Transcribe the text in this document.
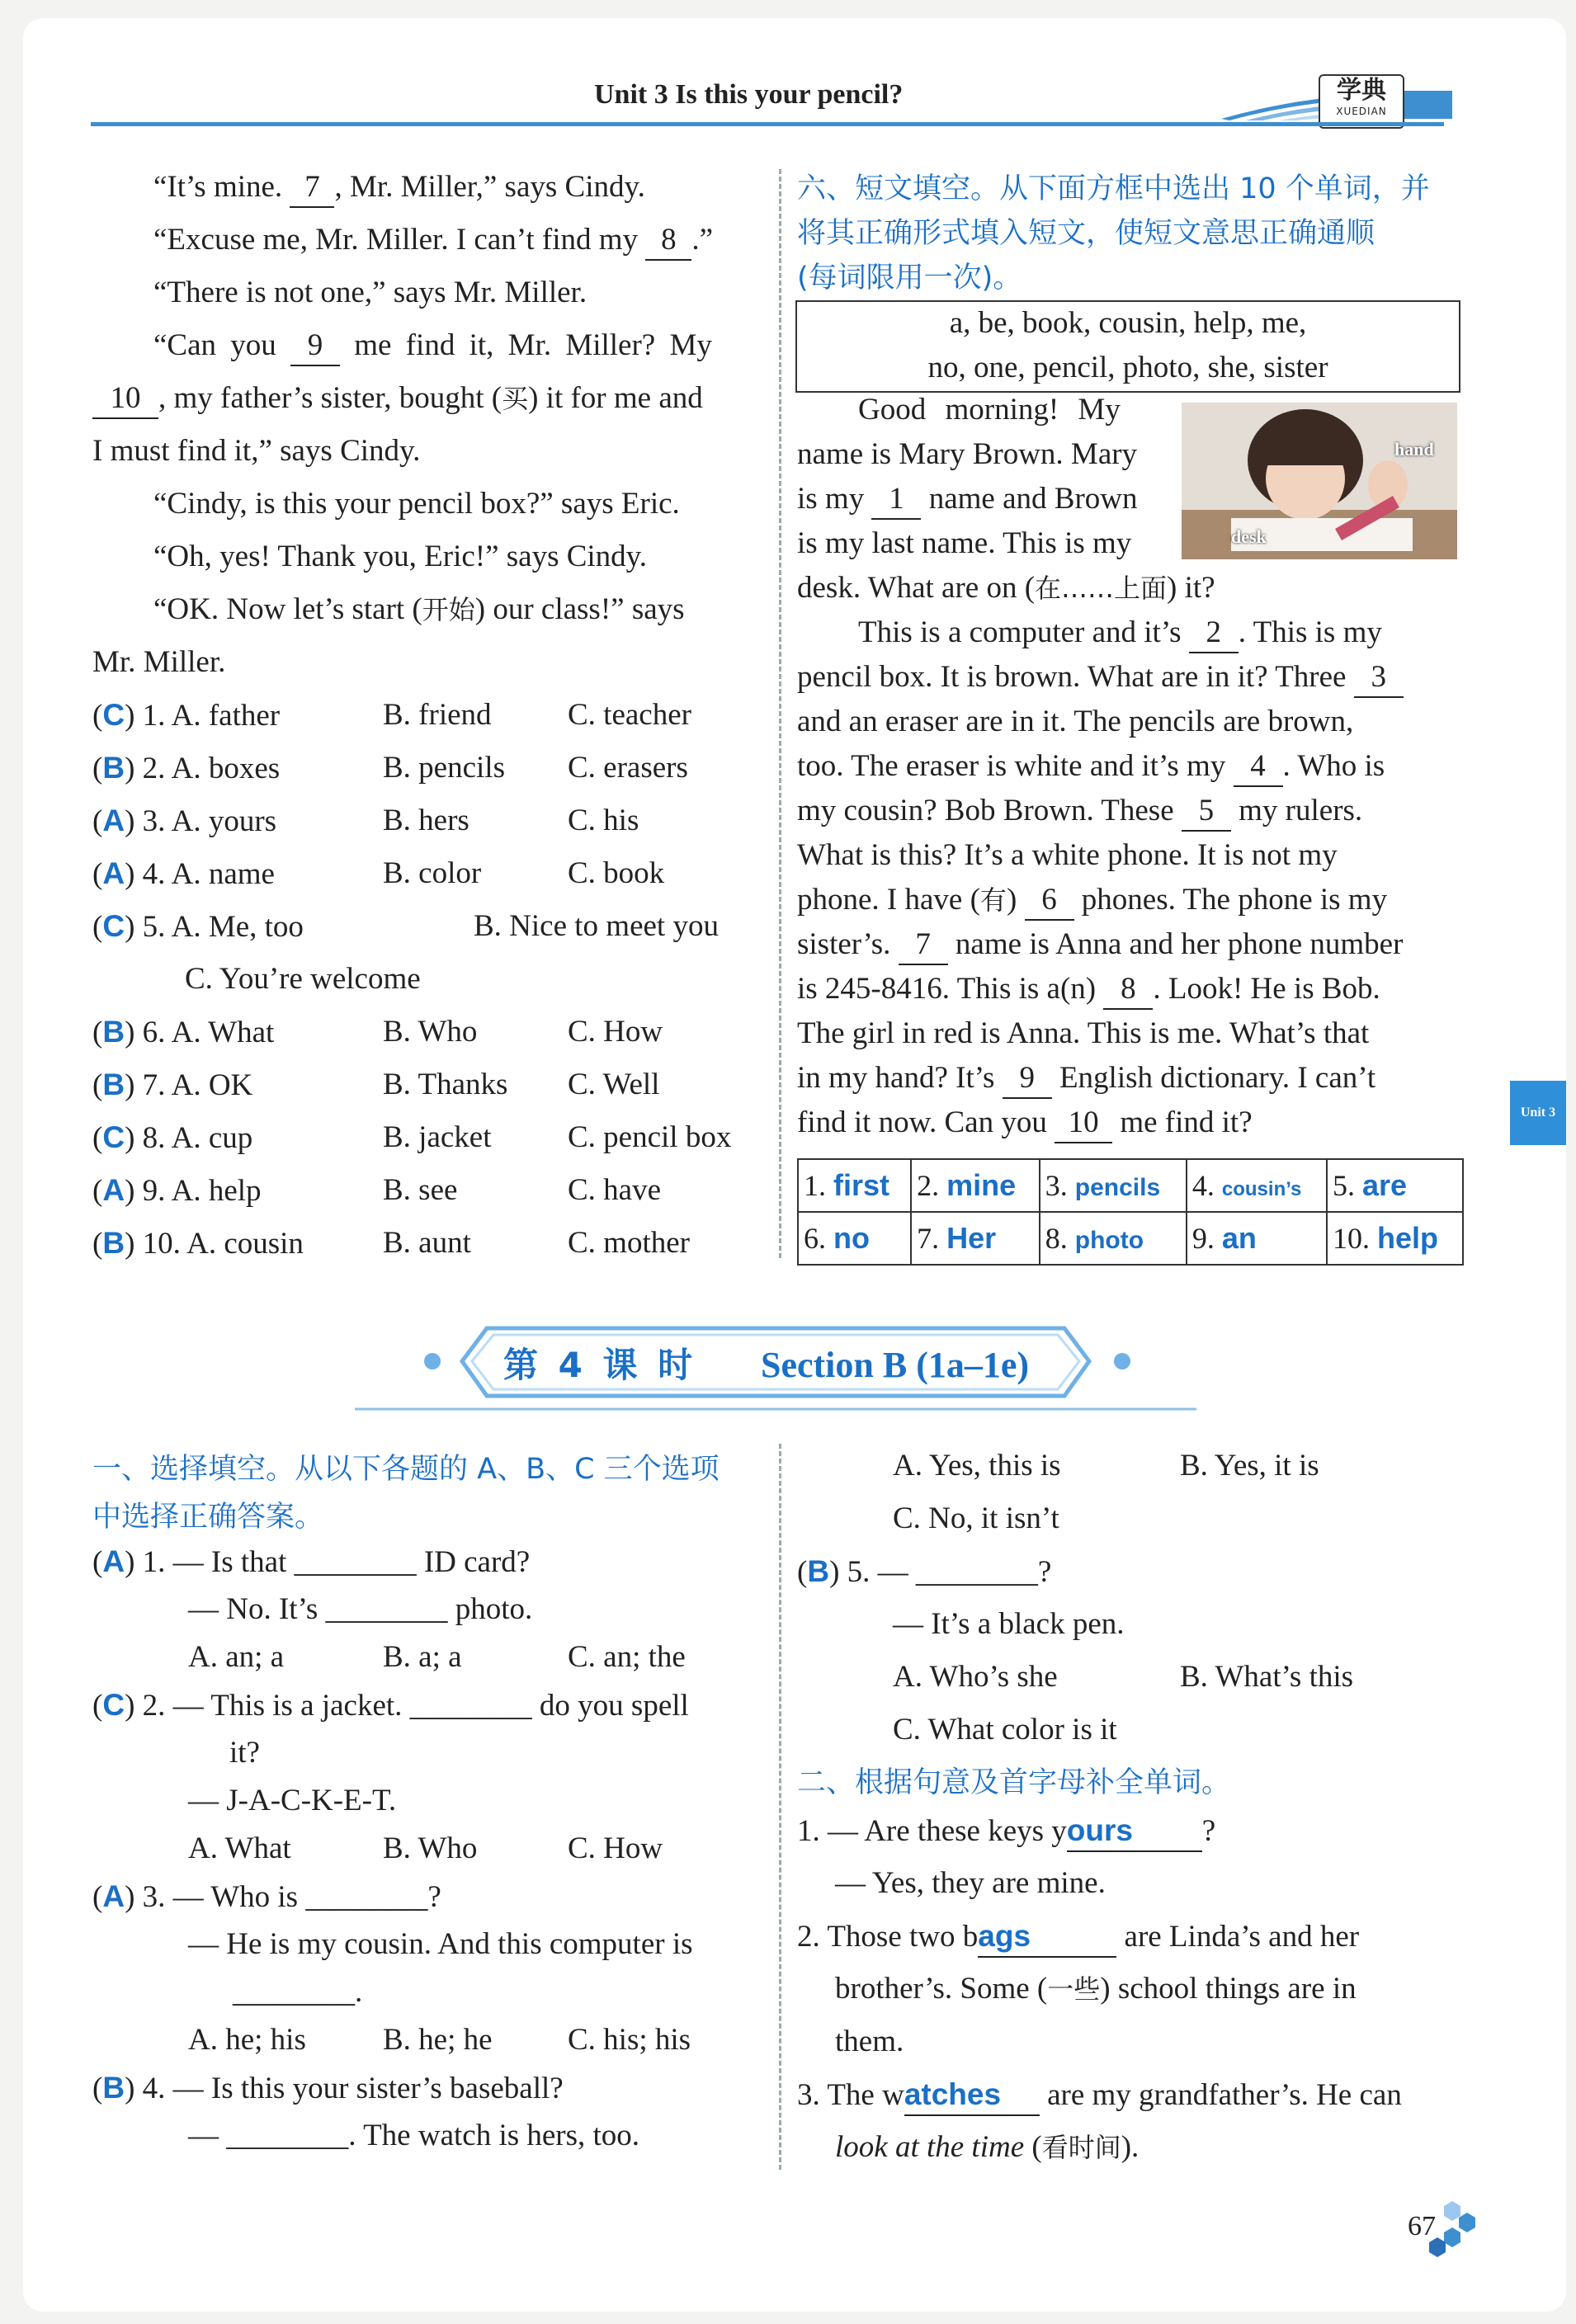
Unit 3 Is this your pencil?	学典
XUEDIAN
“It’s mine. 7 , Mr. Miller,” says Cindy.
“Excuse me, Mr. Miller. I can’t find my 8 .”
“There is not one,” says Mr. Miller.
“Can you 9 me find it, Mr. Miller? My
10 , my father’s sister, bought (买) it for me and
I must find it,” says Cindy.
“Cindy, is this your pencil box?” says Eric.
“Oh, yes! Thank you, Eric!” says Cindy.
“OK. Now let’s start (开始) our class!” says
Mr. Miller.
(C) 1. A. father	B. friend C. teacher
(B) 2. A. boxes	B. pencils C. erasers
(A) 3. A. yours	B. hers	C. his
(A) 4. A. name	B. color	C. book
(C) 5. A. Me, too	B. Nice to meet you
C. You’re welcome
(B) 6. A. What	B. Who	C. How
(B) 7. A. OK	B. Thanks C. Well
(C) 8. A. cup	B. jacket C. pencil box
(A) 9. A. help	B. see	C. have
(B) 10. A. cousin	B. aunt	C. mother
六、短文填空。从下面方框中选出 10 个单词，并
将其正确形式填入短文，使短文意思正确通顺
(每词限用一次)。
a, be, book, cousin, help, me,
no, one, pencil, photo, she, sister
hand
desk
Good morning! My
name is Mary Brown. Mary
is my 1 name and Brown
is my last name. This is my
desk. What are on (在……上面) it?
This is a computer and it’s 2 . This is my
pencil box. It is brown. What are in it? Three 3
and an eraser are in it. The pencils are brown,
too. The eraser is white and it’s my 4 . Who is
my cousin? Bob Brown. These 5 my rulers.
What is this? It’s a white phone. It is not my
phone. I have (有) 6 phones. The phone is my
sister’s. 7 name is Anna and her phone number
is 245-8416. This is a(n) 8 . Look! He is Bob.
The girl in red is Anna. This is me. What’s that
in my hand? It’s 9 English dictionary. I can’t
find it now. Can you 10 me find it?
1. first	2. mine	3. pencils	4. cousin’s	5. are
6. no	7. Her	8. photo	9. an	10. help
Unit 3
第 4 课 时 Section B (1a–1e)
一、选择填空。从以下各题的 A、B、C 三个选项
中选择正确答案。
(A) 1. — Is that ________ ID card?
— No. It’s ________ photo.
A. an; a	B. a; a	C. an; the
(C) 2. — This is a jacket. ________ do you spell
it?
— J-A-C-K-E-T.
A. What	B. Who	C. How
(A) 3. — Who is ________?
— He is my cousin. And this computer is
________.
A. he; his	B. he; he C. his; his
(B) 4. — Is this your sister’s baseball?
— ________. The watch is hers, too.
A. Yes, this is	B. Yes, it is
C. No, it isn’t
(B) 5. — ________?
— It’s a black pen.
A. Who’s she	B. What’s this
C. What color is it
二、根据句意及首字母补全单词。
1. — Are these keys yours ?
— Yes, they are mine.
2. Those two bags	are Linda’s and her
brother’s. Some (一些) school things are in
them.
3. The watches are my grandfather’s. He can
look at the time (看时间).
67
